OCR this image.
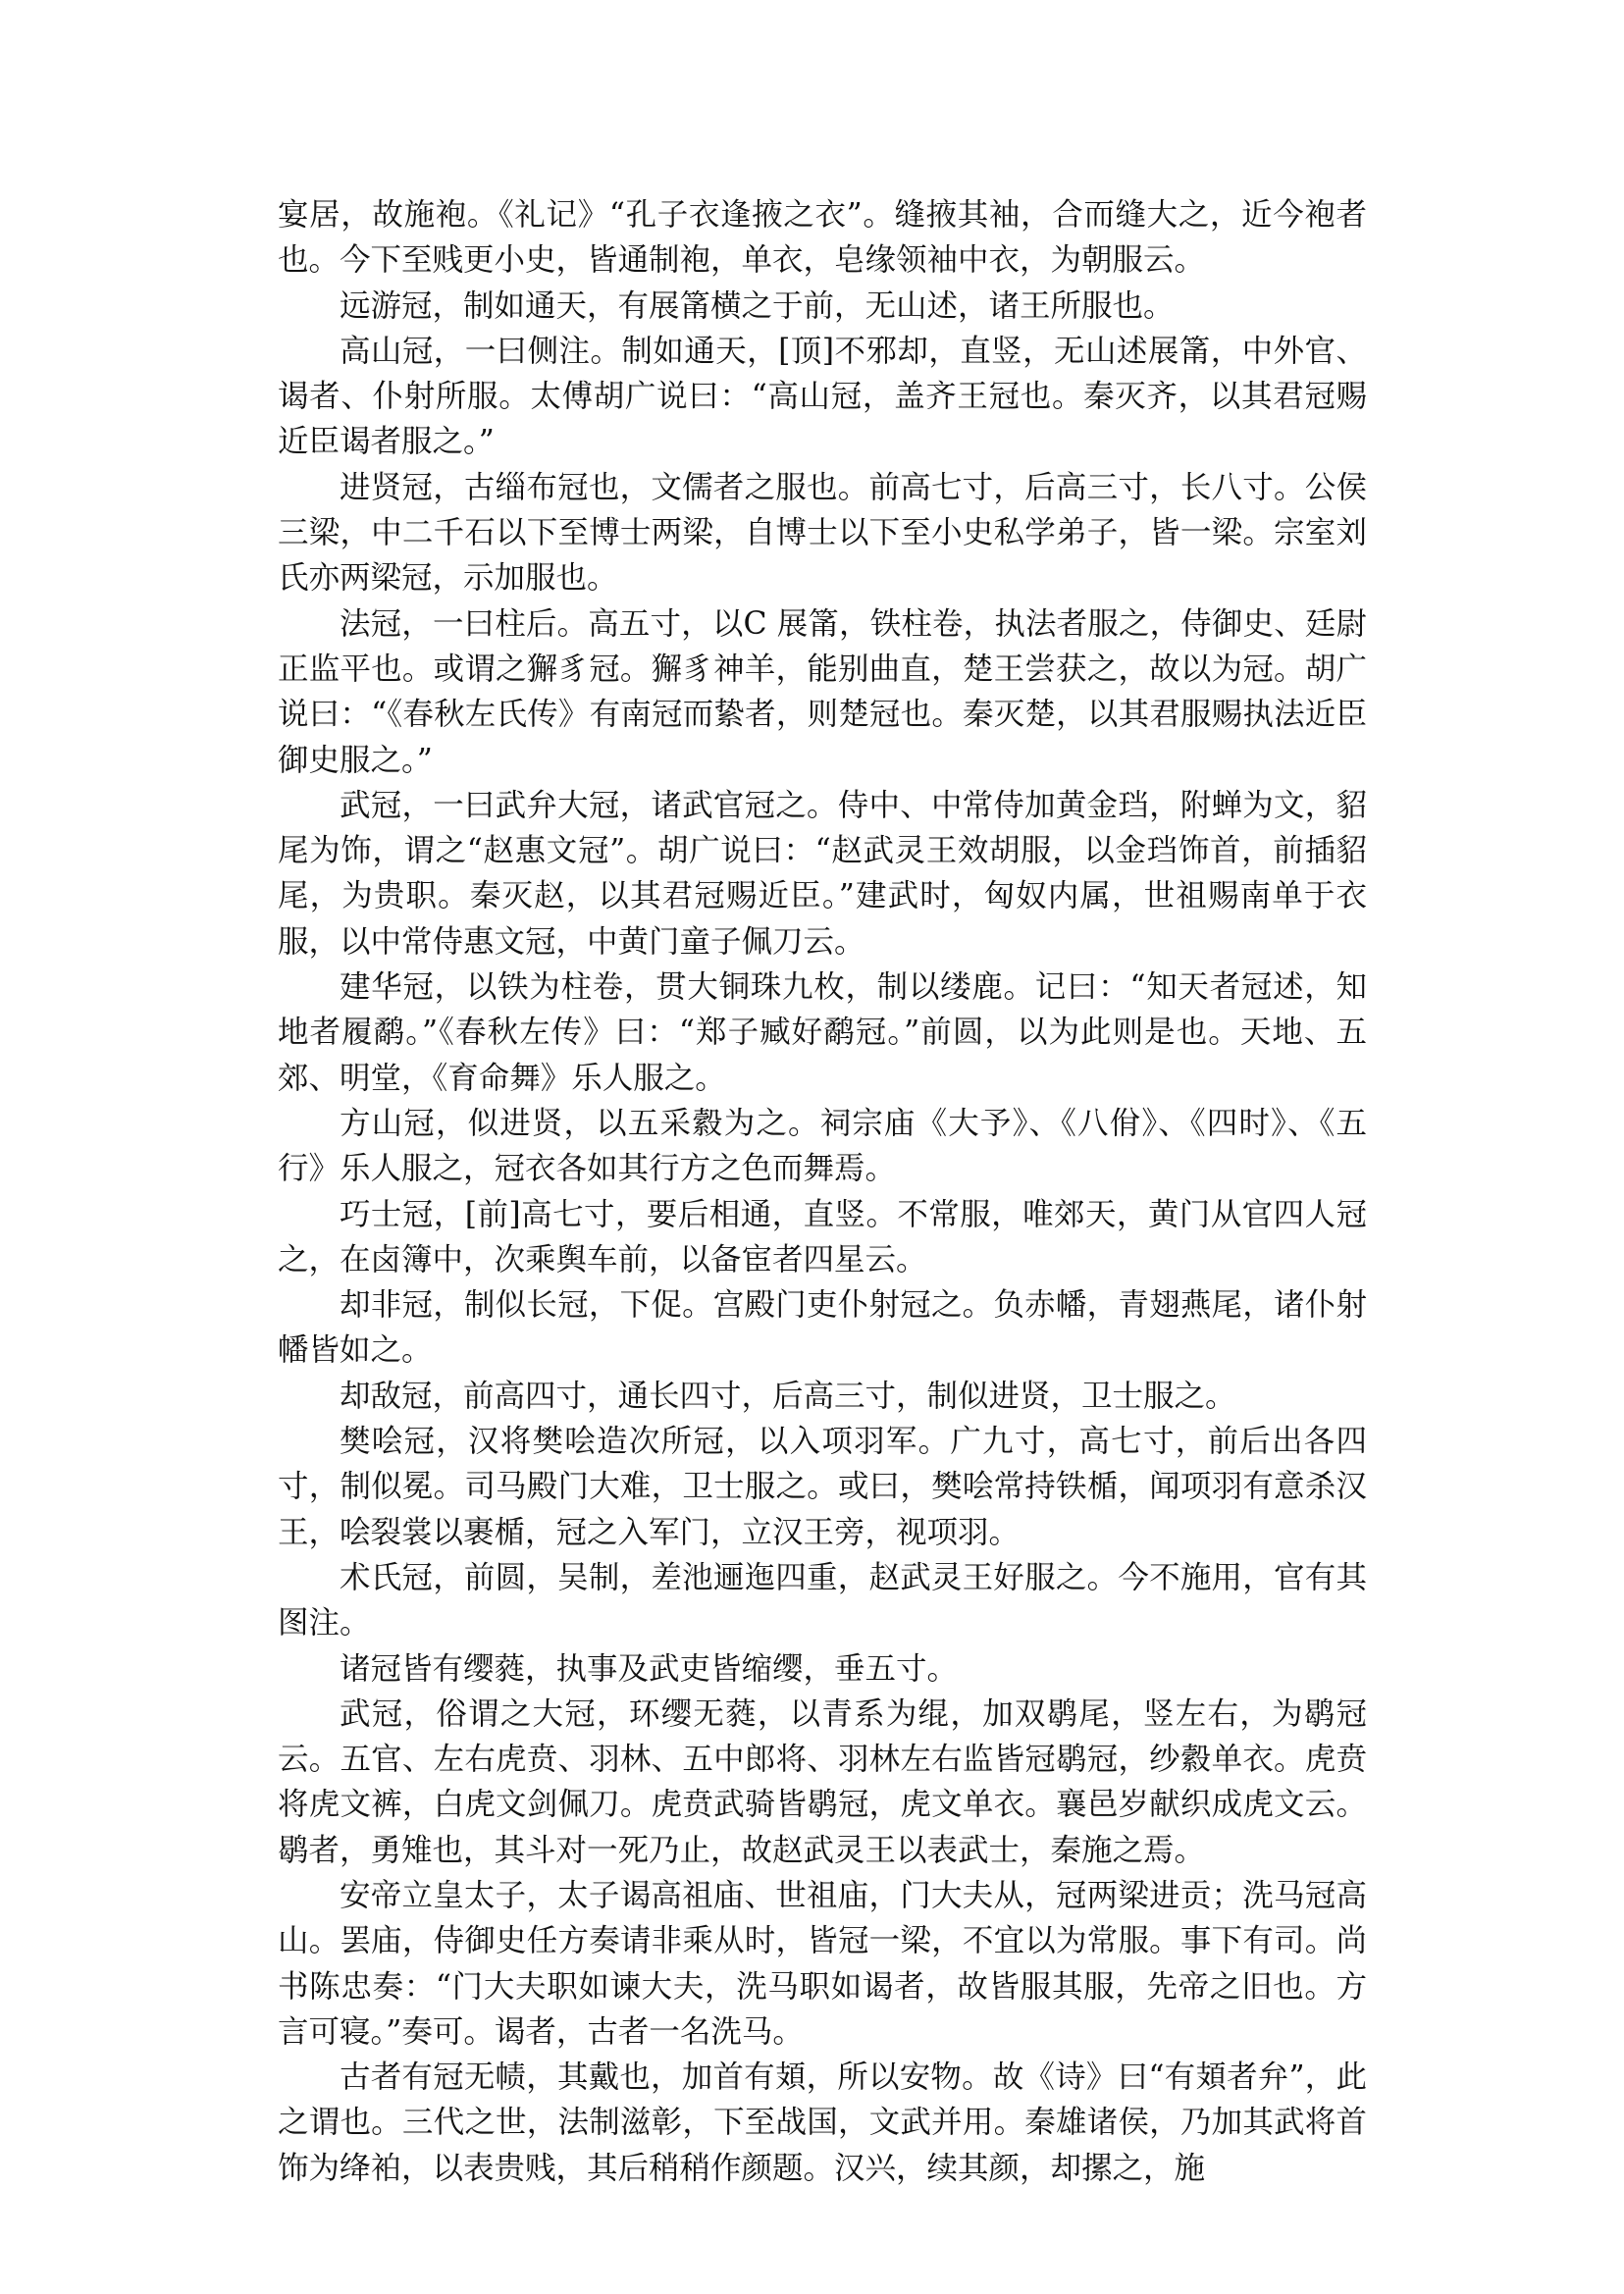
宴居，故施袍。《礼记》“孔子衣逢掖之衣”。缝掖其袖，合而缝大之，近今袍者也。今下至贱更小史，皆通制袍，单衣，皂缘领袖中衣，为朝服云。

远游冠，制如通天，有展筩横之于前，无山述，诸王所服也。

高山冠，一曰侧注。制如通天，[顶]不邪却，直竖，无山述展筩，中外官、谒者、仆射所服。太傅胡广说曰：“高山冠，盖齐王冠也。秦灭齐，以其君冠赐近臣谒者服之。”

进贤冠，古缁布冠也，文儒者之服也。前高七寸，后高三寸，长八寸。公侯三梁，中二千石以下至博士两梁，自博士以下至小史私学弟子，皆一梁。宗室刘氏亦两梁冠，示加服也。

法冠，一曰柱后。高五寸，以C 展筩，铁柱卷，执法者服之，侍御史、廷尉正监平也。或谓之獬豸冠。獬豸神羊，能别曲直，楚王尝获之，故以为冠。胡广说曰：“《春秋左氏传》有南冠而絷者，则楚冠也。秦灭楚，以其君服赐执法近臣御史服之。”

武冠，一曰武弁大冠，诸武官冠之。侍中、中常侍加黄金珰，附蝉为文，貂尾为饰，谓之“赵惠文冠”。胡广说曰：“赵武灵王效胡服，以金珰饰首，前插貂尾，为贵职。秦灭赵，以其君冠赐近臣。”建武时，匈奴内属，世祖赐南单于衣服，以中常侍惠文冠，中黄门童子佩刀云。

建华冠，以铁为柱卷，贯大铜珠九枚，制以缕鹿。记曰：“知天者冠述，知地者履鹬。”《春秋左传》曰：“郑子臧好鹬冠。”前圆，以为此则是也。天地、五郊、明堂，《育命舞》乐人服之。

方山冠，似进贤，以五采縠为之。祠宗庙《大予》、《八佾》、《四时》、《五行》乐人服之，冠衣各如其行方之色而舞焉。

巧士冠，[前]高七寸，要后相通，直竖。不常服，唯郊天，黄门从官四人冠之，在卤簿中，次乘舆车前，以备宦者四星云。

却非冠，制似长冠，下促。宫殿门吏仆射冠之。负赤幡，青翅燕尾，诸仆射幡皆如之。

却敌冠，前高四寸，通长四寸，后高三寸，制似进贤，卫士服之。

樊哙冠，汉将樊哙造次所冠，以入项羽军。广九寸，高七寸，前后出各四寸，制似冕。司马殿门大难，卫士服之。或曰，樊哙常持铁楯，闻项羽有意杀汉王，哙裂裳以裹楯，冠之入军门，立汉王旁，视项羽。

术氏冠，前圆，吴制，差池逦迤四重，赵武灵王好服之。今不施用，官有其图注。

诸冠皆有缨蕤，执事及武吏皆缩缨，垂五寸。

武冠，俗谓之大冠，环缨无蕤，以青系为绲，加双鹖尾，竖左右，为鹖冠云。五官、左右虎贲、羽林、五中郎将、羽林左右监皆冠鹖冠，纱縠单衣。虎贲将虎文裤，白虎文剑佩刀。虎贲武骑皆鹖冠，虎文单衣。襄邑岁献织成虎文云。鹖者，勇雉也，其斗对一死乃止，故赵武灵王以表武士，秦施之焉。

安帝立皇太子，太子谒高祖庙、世祖庙，门大夫从，冠两梁进贡；洗马冠高山。罢庙，侍御史任方奏请非乘从时，皆冠一梁，不宜以为常服。事下有司。尚书陈忠奏：“门大夫职如谏大夫，洗马职如谒者，故皆服其服，先帝之旧也。方言可寝。”奏可。谒者，古者一名洗马。

古者有冠无帻，其戴也，加首有頍，所以安物。故《诗》曰“有頍者弁”，此之谓也。三代之世，法制滋彰，下至战国，文武并用。秦雄诸侯，乃加其武将首饰为绛袙，以表贵贱，其后稍稍作颜题。汉兴，续其颜，却摞之，施
